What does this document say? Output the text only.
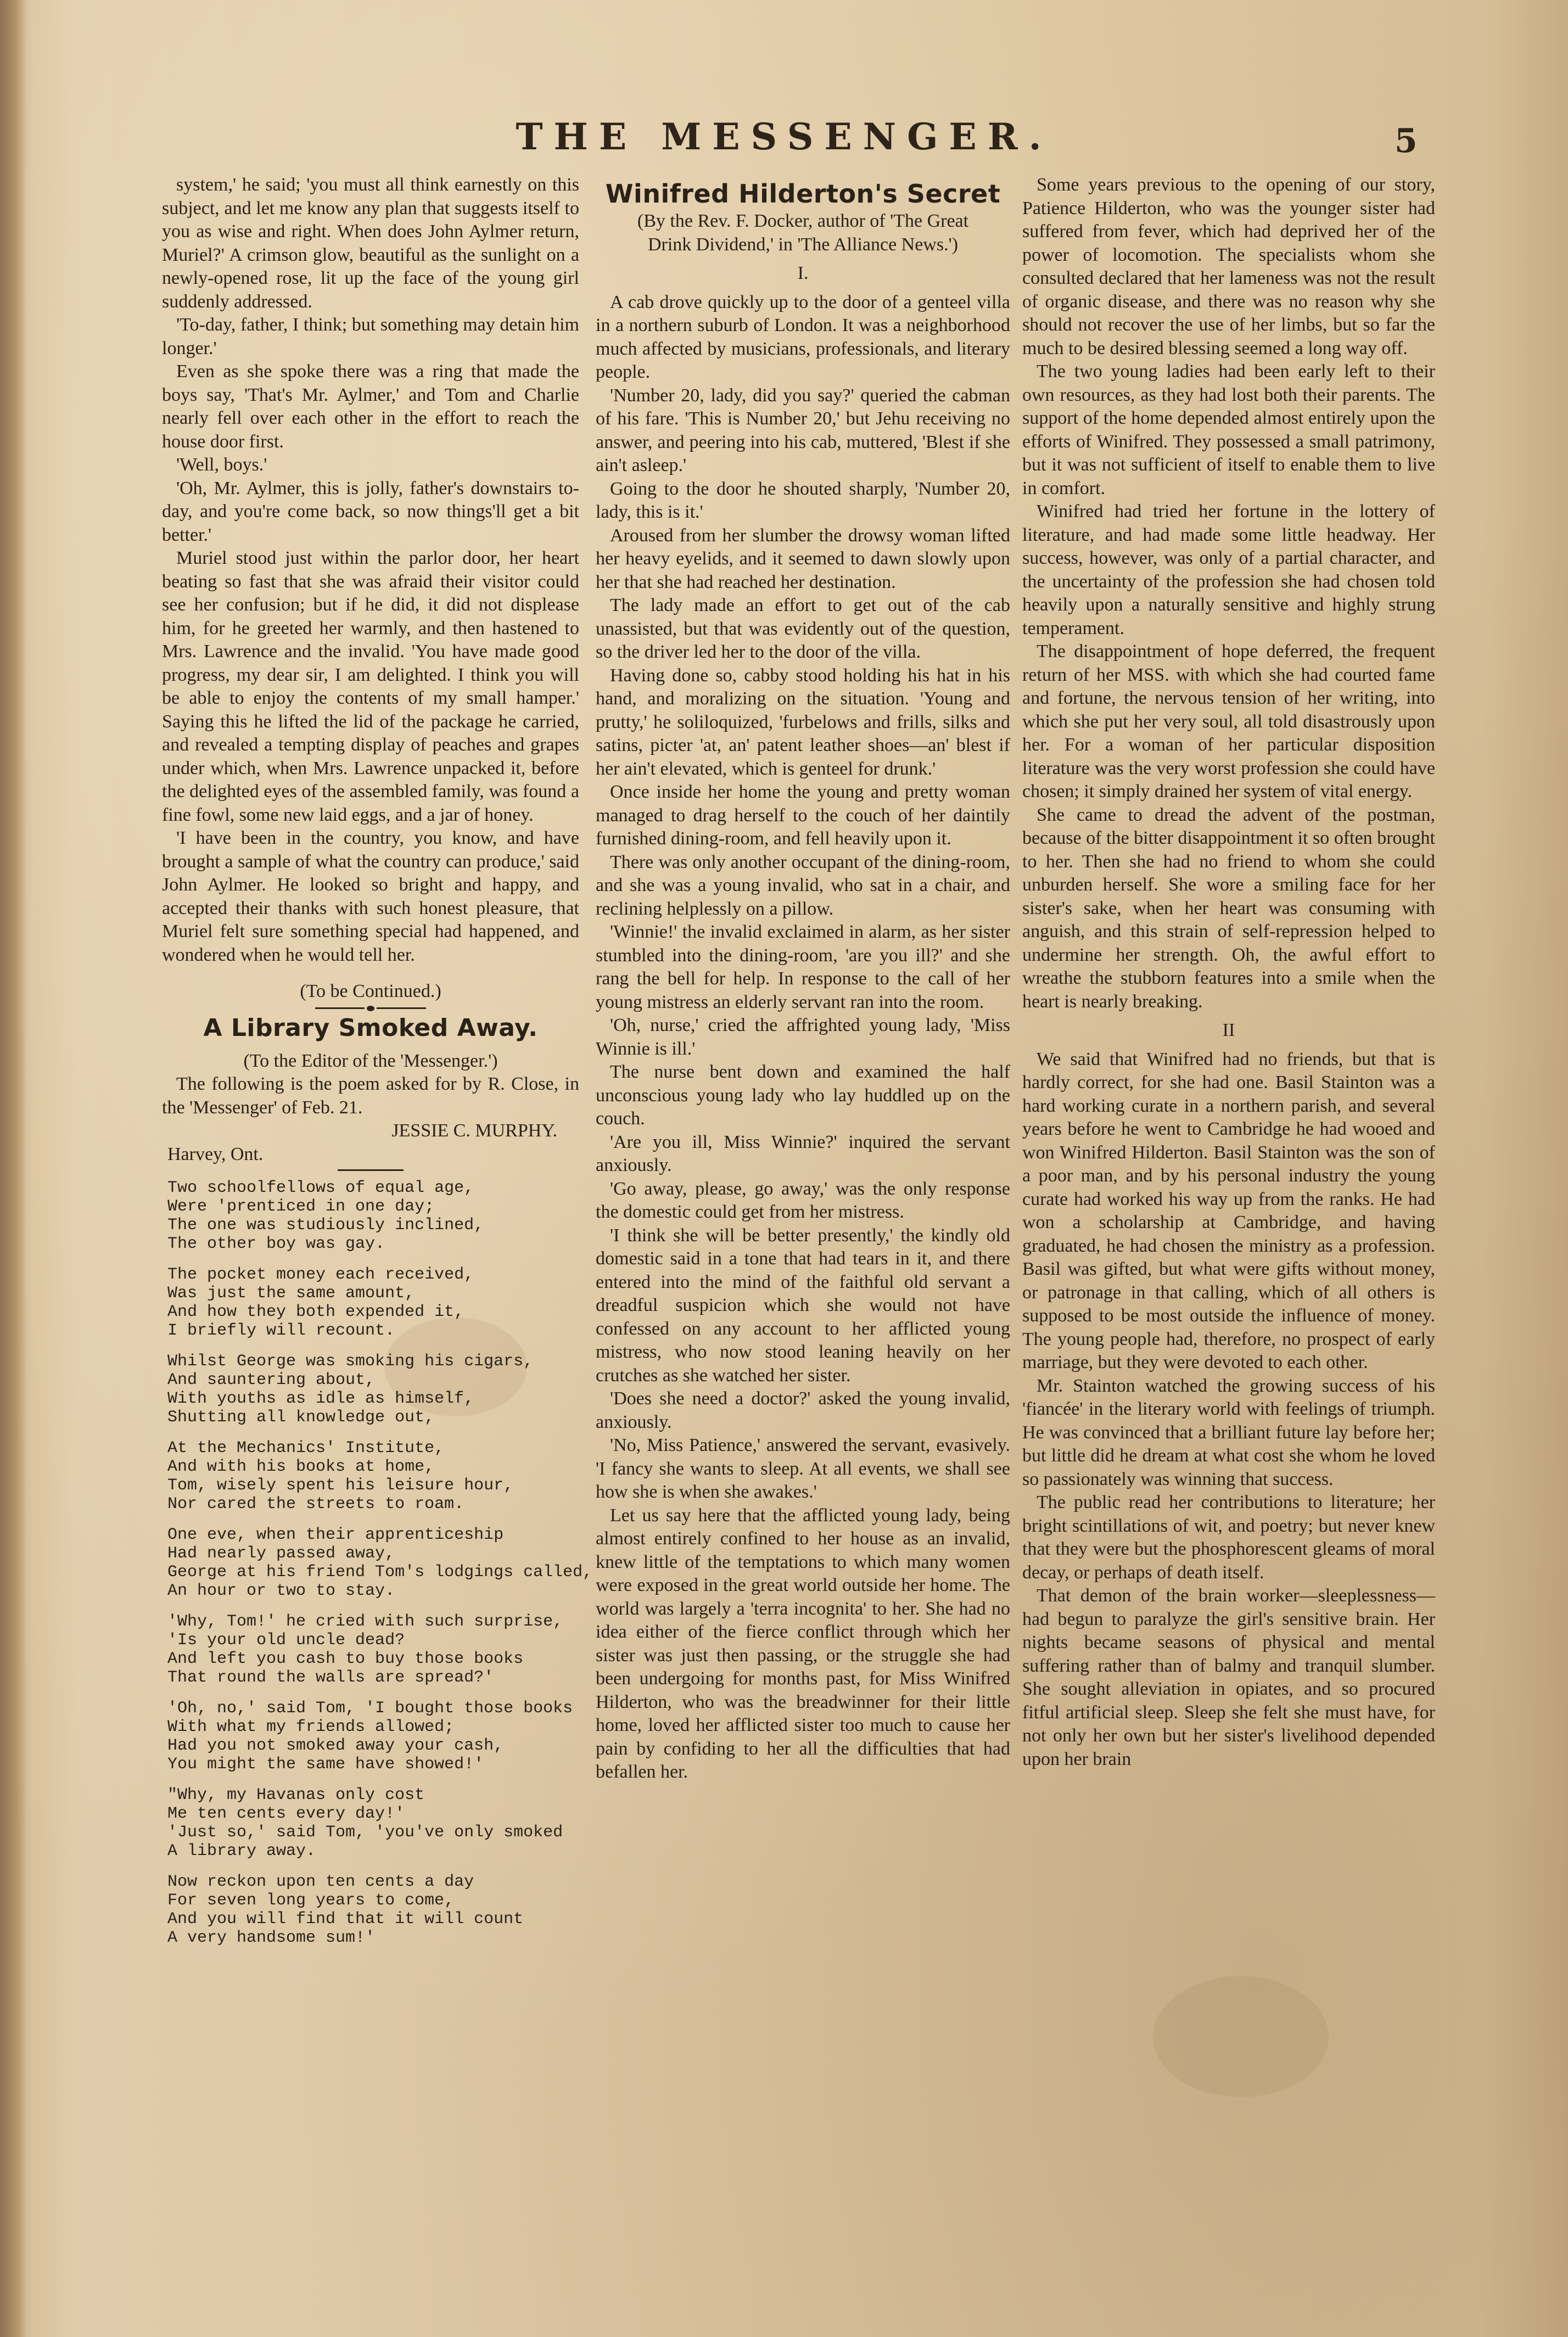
THE MESSENGER.	5

system,' he said; 'you must all think earnestly on this subject, and let me know any plan that suggests itself to you as wise and right. When does John Aylmer return, Muriel?' A crimson glow, beautiful as the sunlight on a newly-opened rose, lit up the face of the young girl suddenly addressed.

'To-day, father, I think; but something may detain him longer.'

Even as she spoke there was a ring that made the boys say, 'That's Mr. Aylmer,' and Tom and Charlie nearly fell over each other in the effort to reach the house door first.

'Well, boys.'

'Oh, Mr. Aylmer, this is jolly, father's downstairs to-day, and you're come back, so now things'll get a bit better.'

Muriel stood just within the parlor door, her heart beating so fast that she was afraid their visitor could see her confusion; but if he did, it did not displease him, for he greeted her warmly, and then hastened to Mrs. Lawrence and the invalid. 'You have made good progress, my dear sir, I am delighted. I think you will be able to enjoy the contents of my small hamper.' Saying this he lifted the lid of the package he carried, and revealed a tempting display of peaches and grapes under which, when Mrs. Lawrence unpacked it, before the delighted eyes of the assembled family, was found a fine fowl, some new laid eggs, and a jar of honey.

'I have been in the country, you know, and have brought a sample of what the country can produce,' said John Aylmer. He looked so bright and happy, and accepted their thanks with such honest pleasure, that Muriel felt sure something special had happened, and wondered when he would tell her.

(To be Continued.)

A Library Smoked Away.

(To the Editor of the 'Messenger.')

The following is the poem asked for by R. Close, in the 'Messenger' of Feb. 21.

JESSIE C. MURPHY.

Harvey, Ont.

Two schoolfellows of equal age,
Were 'prenticed in one day;
The one was studiously inclined,
The other boy was gay.
The pocket money each received,
Was just the same amount,
And how they both expended it,
I briefly will recount.
Whilst George was smoking his cigars,
And sauntering about,
With youths as idle as himself,
Shutting all knowledge out,
At the Mechanics' Institute,
And with his books at home,
Tom, wisely spent his leisure hour,
Nor cared the streets to roam.
One eve, when their apprenticeship
Had nearly passed away,
George at his friend Tom's lodgings called,
An hour or two to stay.
'Why, Tom!' he cried with such surprise,
'Is your old uncle dead?
And left you cash to buy those books
That round the walls are spread?'
'Oh, no,' said Tom, 'I bought those books
With what my friends allowed;
Had you not smoked away your cash,
You might the same have showed!'
"Why, my Havanas only cost
Me ten cents every day!'
'Just so,' said Tom, 'you've only smoked
A library away.
Now reckon upon ten cents a day
For seven long years to come,
And you will find that it will count
A very handsome sum!'
Winifred Hilderton's Secret

(By the Rev. F. Docker, author of 'The Great Drink Dividend,' in 'The Alliance News.')

I.

A cab drove quickly up to the door of a genteel villa in a northern suburb of London. It was a neighborhood much affected by musicians, professionals, and literary people.

'Number 20, lady, did you say?' queried the cabman of his fare. 'This is Number 20,' but Jehu receiving no answer, and peering into his cab, muttered, 'Blest if she ain't asleep.'

Going to the door he shouted sharply, 'Number 20, lady, this is it.'

Aroused from her slumber the drowsy woman lifted her heavy eyelids, and it seemed to dawn slowly upon her that she had reached her destination.

The lady made an effort to get out of the cab unassisted, but that was evidently out of the question, so the driver led her to the door of the villa.

Having done so, cabby stood holding his hat in his hand, and moralizing on the situation. 'Young and prutty,' he soliloquized, 'furbelows and frills, silks and satins, picter 'at, an' patent leather shoes—an' blest if her ain't elevated, which is genteel for drunk.'

Once inside her home the young and pretty woman managed to drag herself to the couch of her daintily furnished dining-room, and fell heavily upon it.

There was only another occupant of the dining-room, and she was a young invalid, who sat in a chair, and reclining helplessly on a pillow.

'Winnie!' the invalid exclaimed in alarm, as her sister stumbled into the dining-room, 'are you ill?' and she rang the bell for help. In response to the call of her young mistress an elderly servant ran into the room.

'Oh, nurse,' cried the affrighted young lady, 'Miss Winnie is ill.'

The nurse bent down and examined the half unconscious young lady who lay huddled up on the couch.

'Are you ill, Miss Winnie?' inquired the servant anxiously.

'Go away, please, go away,' was the only response the domestic could get from her mistress.

'I think she will be better presently,' the kindly old domestic said in a tone that had tears in it, and there entered into the mind of the faithful old servant a dreadful suspicion which she would not have confessed on any account to her afflicted young mistress, who now stood leaning heavily on her crutches as she watched her sister.

'Does she need a doctor?' asked the young invalid, anxiously.

'No, Miss Patience,' answered the servant, evasively. 'I fancy she wants to sleep. At all events, we shall see how she is when she awakes.'

Let us say here that the afflicted young lady, being almost entirely confined to her house as an invalid, knew little of the temptations to which many women were exposed in the great world outside her home. The world was largely a 'terra incognita' to her. She had no idea either of the fierce conflict through which her sister was just then passing, or the struggle she had been undergoing for months past, for Miss Winifred Hilderton, who was the breadwinner for their little home, loved her afflicted sister too much to cause her pain by confiding to her all the difficulties that had befallen her.

Some years previous to the opening of our story, Patience Hilderton, who was the younger sister had suffered from fever, which had deprived her of the power of locomotion. The specialists whom she consulted declared that her lameness was not the result of organic disease, and there was no reason why she should not recover the use of her limbs, but so far the much to be desired blessing seemed a long way off.

The two young ladies had been early left to their own resources, as they had lost both their parents. The support of the home depended almost entirely upon the efforts of Winifred. They possessed a small patrimony, but it was not sufficient of itself to enable them to live in comfort.

Winifred had tried her fortune in the lottery of literature, and had made some little headway. Her success, however, was only of a partial character, and the uncertainty of the profession she had chosen told heavily upon a naturally sensitive and highly strung temperament.

The disappointment of hope deferred, the frequent return of her MSS. with which she had courted fame and fortune, the nervous tension of her writing, into which she put her very soul, all told disastrously upon her. For a woman of her particular disposition literature was the very worst profession she could have chosen; it simply drained her system of vital energy.

She came to dread the advent of the postman, because of the bitter disappointment it so often brought to her. Then she had no friend to whom she could unburden herself. She wore a smiling face for her sister's sake, when her heart was consuming with anguish, and this strain of self-repression helped to undermine her strength. Oh, the awful effort to wreathe the stubborn features into a smile when the heart is nearly breaking.

II

We said that Winifred had no friends, but that is hardly correct, for she had one. Basil Stainton was a hard working curate in a northern parish, and several years before he went to Cambridge he had wooed and won Winifred Hilderton. Basil Stainton was the son of a poor man, and by his personal industry the young curate had worked his way up from the ranks. He had won a scholarship at Cambridge, and having graduated, he had chosen the ministry as a profession. Basil was gifted, but what were gifts without money, or patronage in that calling, which of all others is supposed to be most outside the influence of money. The young people had, therefore, no prospect of early marriage, but they were devoted to each other.

Mr. Stainton watched the growing success of his 'fiancée' in the literary world with feelings of triumph. He was convinced that a brilliant future lay before her; but little did he dream at what cost she whom he loved so passionately was winning that success.

The public read her contributions to literature; her bright scintillations of wit, and poetry; but never knew that they were but the phosphorescent gleams of moral decay, or perhaps of death itself.

That demon of the brain worker—sleeplessness—had begun to paralyze the girl's sensitive brain. Her nights became seasons of physical and mental suffering rather than of balmy and tranquil slumber. She sought alleviation in opiates, and so procured fitful artificial sleep. Sleep she felt she must have, for not only her own but her sister's livelihood depended upon her brain
